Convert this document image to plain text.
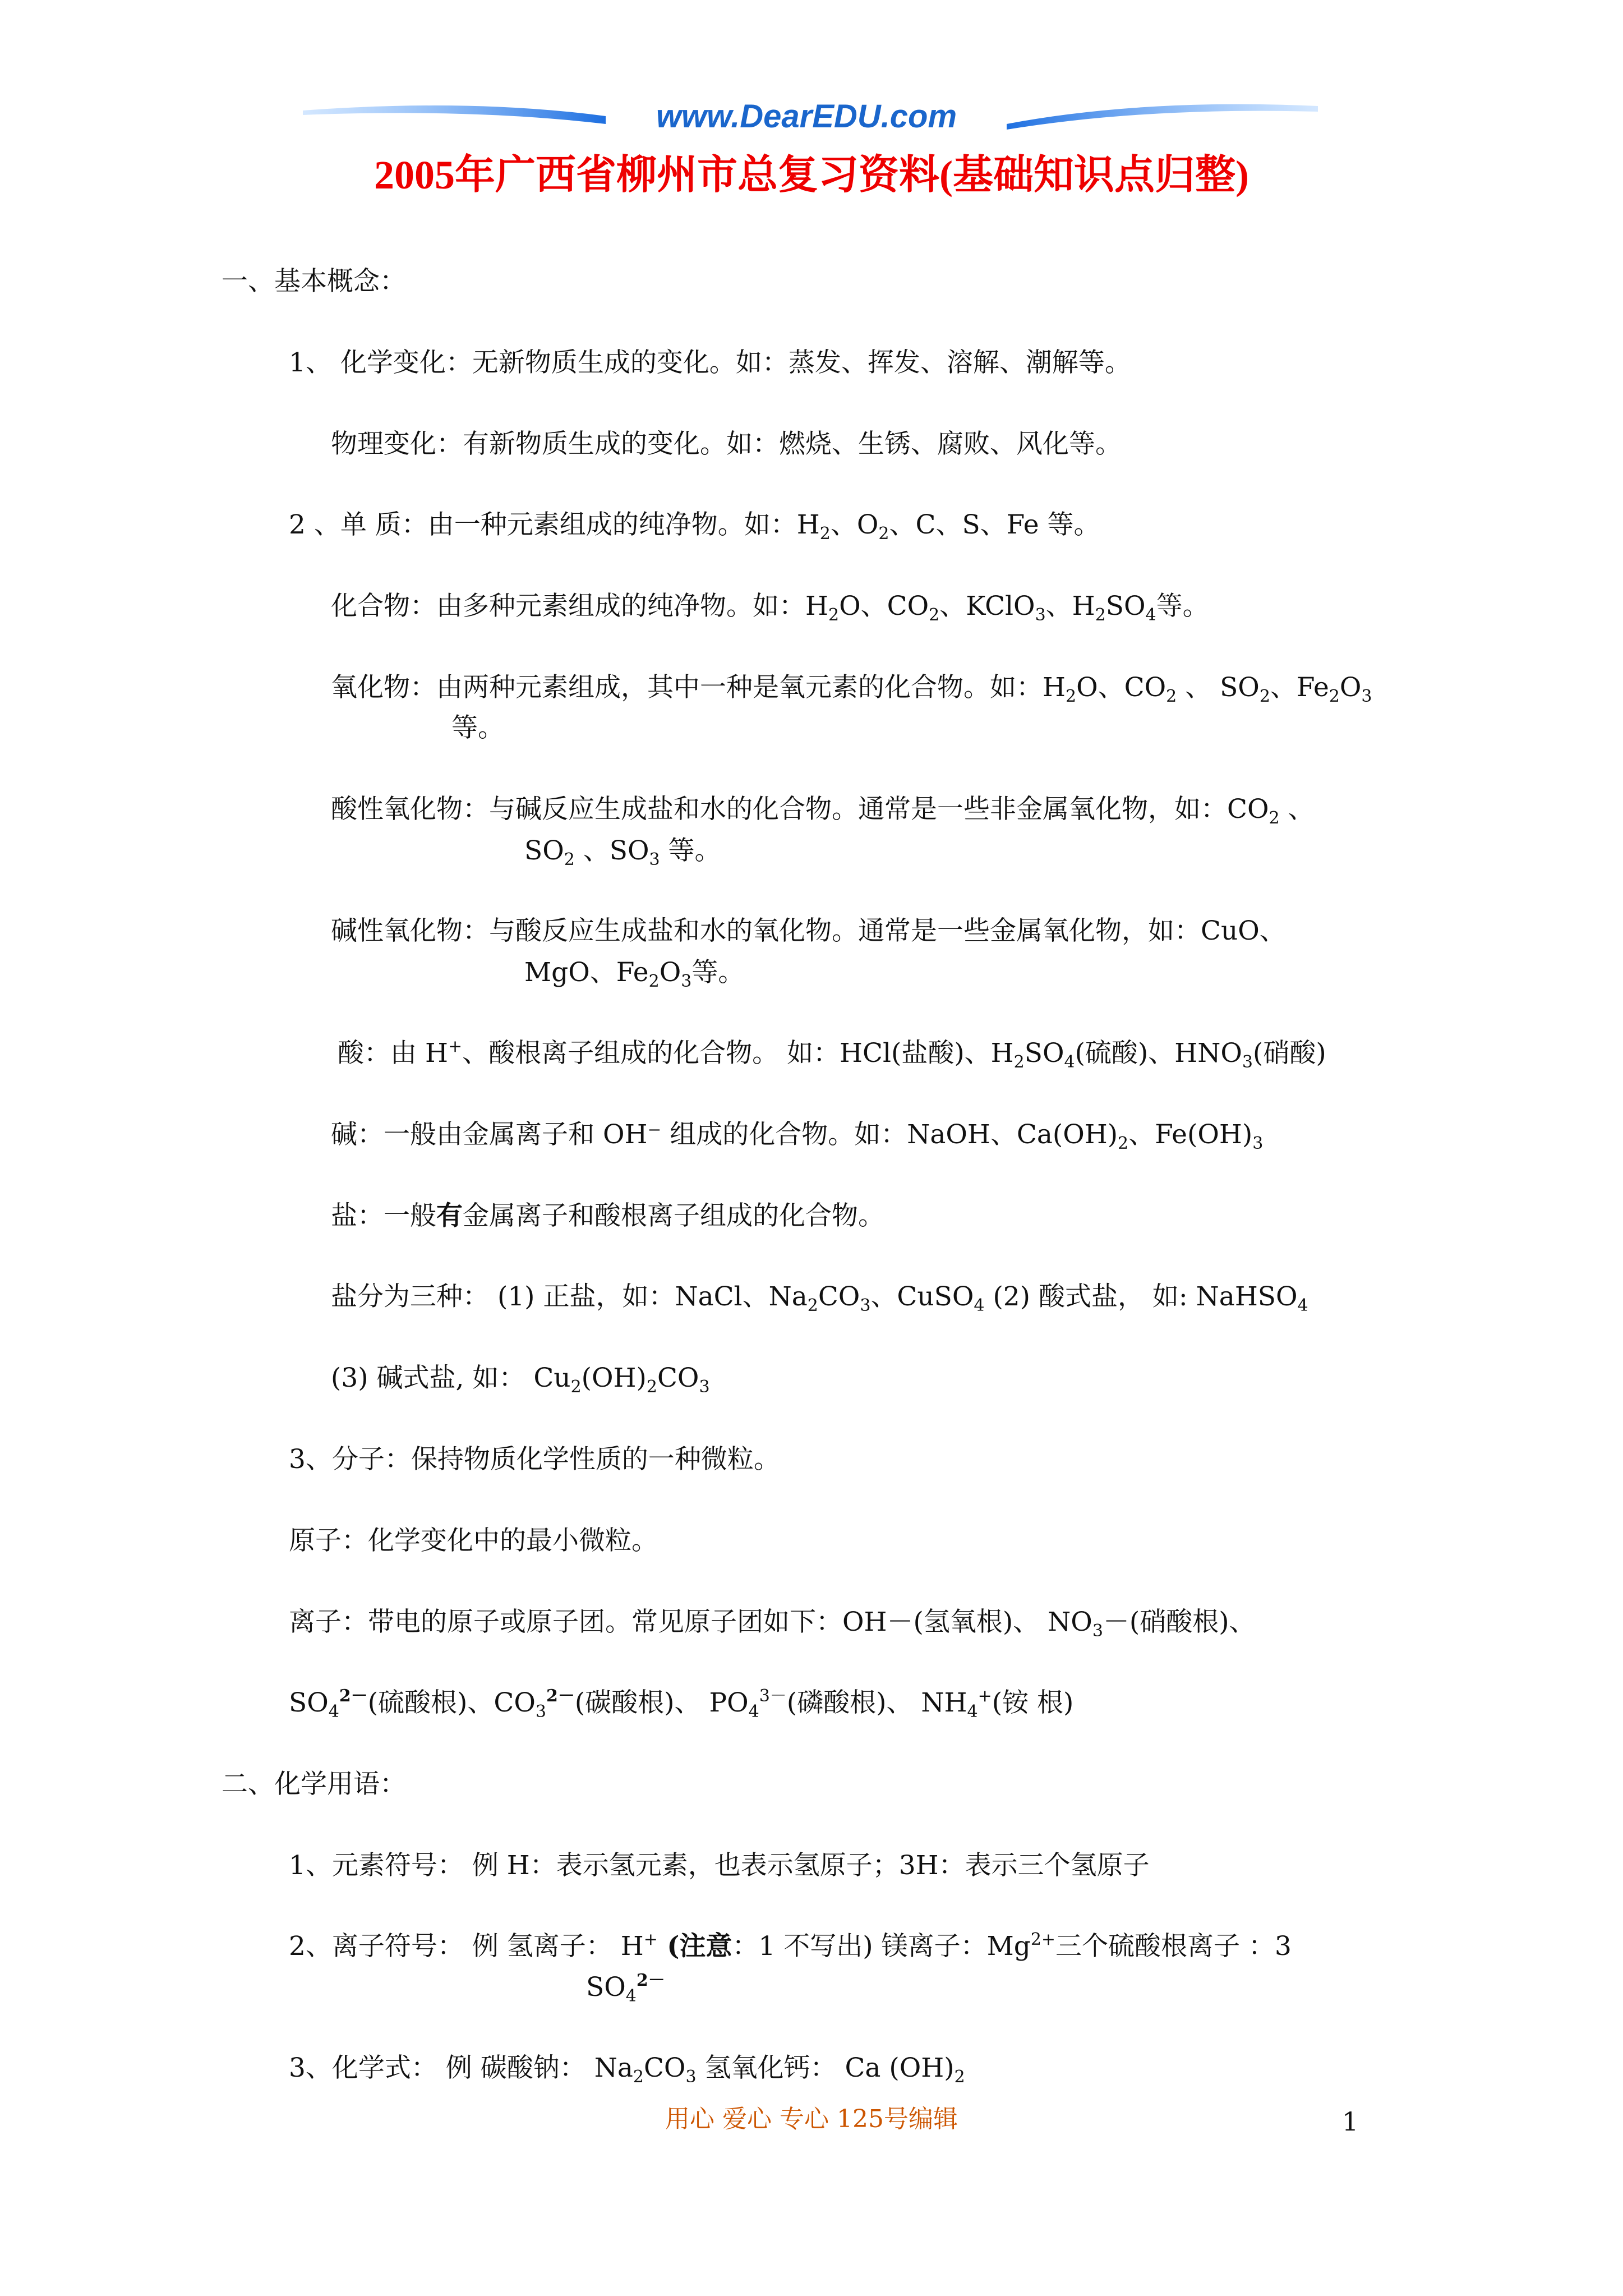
www.DearEDU.com
2005年广西省柳州市总复习资料(基础知识点归整)
一、基本概念：
1、 化学变化：无新物质生成的变化。如：蒸发、挥发、溶解、潮解等。
物理变化：有新物质生成的变化。如：燃烧、生锈、腐败、风化等。
2 、单 质：由一种元素组成的纯净物。如：$H_2$、$O_2$、C、S、Fe 等。
化合物：由多种元素组成的纯净物。如：$H_2O$、$CO_2$、KClO$_3$、$H_2SO_4$等。
氧化物：由两种元素组成，其中一种是氧元素的化合物。如：$H_2O$、$CO_2$ 、 $SO_2$、$Fe_2O_3$
等。
酸性氧化物：与碱反应生成盐和水的化合物。通常是一些非金属氧化物，如：$CO_2$ 、
$SO_2$ 、$SO_3$ 等。
碱性氧化物：与酸反应生成盐和水的氧化物。通常是一些金属氧化物，如：CuO、
MgO、$Fe_2O_3$等。
酸：由 H+、酸根离子组成的化合物。 如：HCl(盐酸)、$H_2SO_4$(硫酸)、$HNO_3$(硝酸)
碱：一般由金属离子和 OH⁻ 组成的化合物。如：NaOH、$Ca(OH)_2$、$Fe(OH)_3$
盐：一般有金属离子和酸根离子组成的化合物。
盐分为三种： (1) 正盐，如：NaCl、$Na_2CO_3$、CuSO$_4$ (2) 酸式盐， 如: NaHSO$_4$
(3) 碱式盐, 如： $Cu_2(OH)_2CO_3$
3、分子：保持物质化学性质的一种微粒。
原子：化学变化中的最小微粒。
离子：带电的原子或原子团。常见原子团如下：OH－(氢氧根)、 $NO_3-$(硝酸根)、
$SO_4^{2-}$(硫酸根)、$CO_3^{2-}$(碳酸根)、 $PO_4^{3-}$(磷酸根)、 $NH_4^+$(铵 根)
二、化学用语：
1、元素符号： 例 H：表示氢元素，也表示氢原子；3H：表示三个氢原子
2、离子符号： 例 氢离子： H+ (注意：1 不写出) 镁离子：$Mg^{2+}$三个硫酸根离子 ：3
$SO_4^{2-}$
3、化学式： 例 碳酸钠： $Na_2CO_3$ 氢氧化钙： Ca $(OH)_2$
用心 爱心 专心 125号编辑	1
